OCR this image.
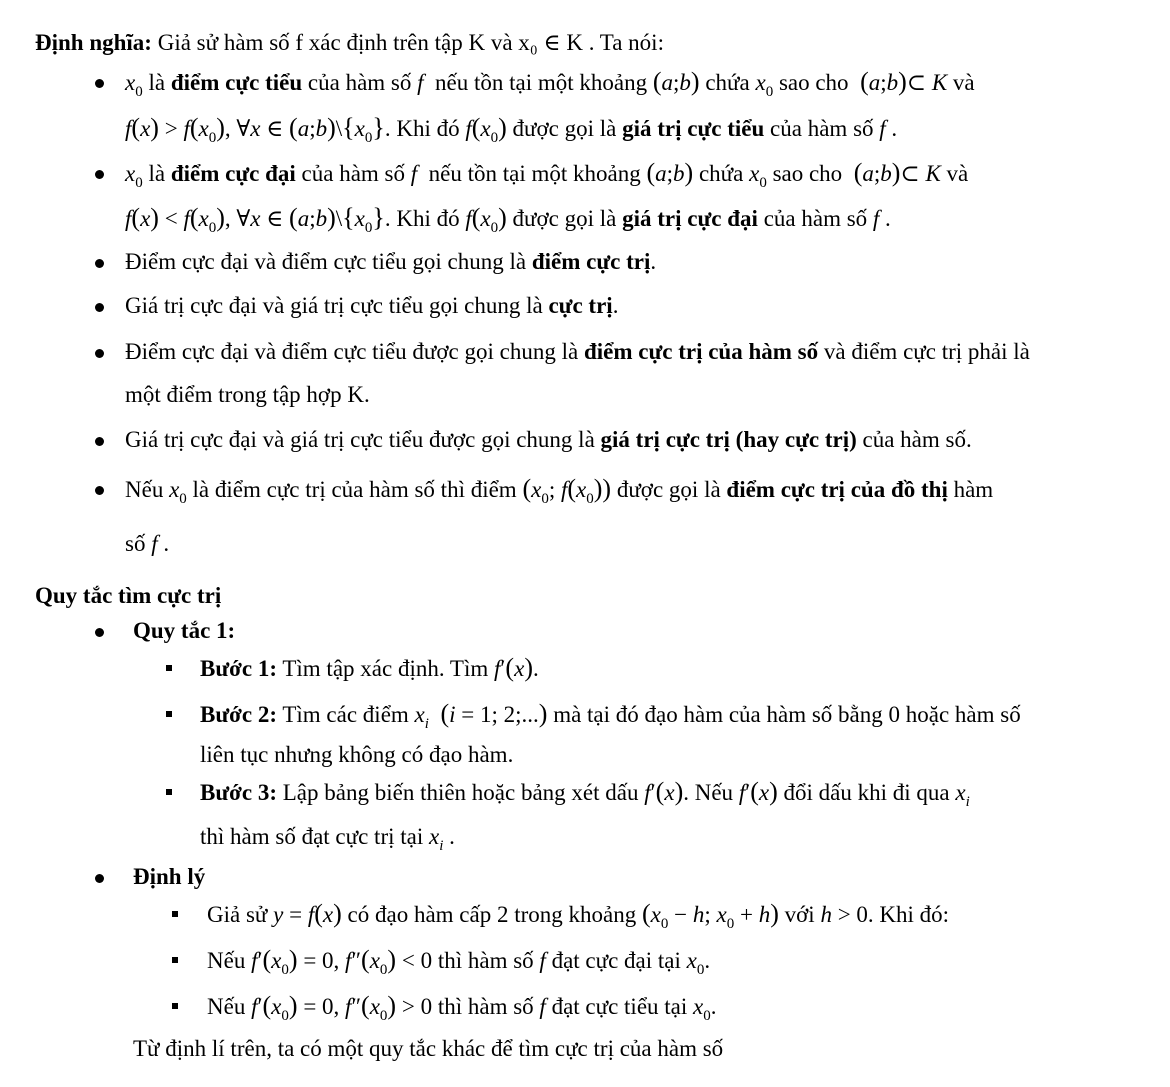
Định nghĩa: Giả sử hàm số f xác định trên tập K và x₀ ∈ K . Ta nói:
$x_0$ là điểm cực tiểu của hàm số f nếu tồn tại một khoảng (a;b) chứa $x_0$ sao cho (a;b)⊂ K và
$f(x) > f(x_0)$, ∀x ∈ $(a;b)\backslash\{x_0\}$. Khi đó $f(x_0)$ được gọi là giá trị cực tiểu của hàm số f .
$x_0$ là điểm cực đại của hàm số f nếu tồn tại một khoảng (a;b) chứa $x_0$ sao cho (a;b)⊂ K và
$f(x) < f(x_0)$, ∀x ∈ $(a;b)\backslash\{x_0\}$. Khi đó $f(x_0)$ được gọi là giá trị cực đại của hàm số f .
Điểm cực đại và điểm cực tiểu gọi chung là điểm cực trị.
Giá trị cực đại và giá trị cực tiểu gọi chung là cực trị.
Điểm cực đại và điểm cực tiểu được gọi chung là điểm cực trị của hàm số và điểm cực trị phải là
một điểm trong tập hợp K.
Giá trị cực đại và giá trị cực tiểu được gọi chung là giá trị cực trị (hay cực trị) của hàm số.
Nếu $x_0$ là điểm cực trị của hàm số thì điểm ($x_0$; $f(x_0)$) được gọi là điểm cực trị của đồ thị hàm
số f .
Quy tắc tìm cực trị
Quy tắc 1:
Bước 1: Tìm tập xác định. Tìm f′(x).
Bước 2: Tìm các điểm $x_i$ (i = 1; 2;...) mà tại đó đạo hàm của hàm số bằng 0 hoặc hàm số
liên tục nhưng không có đạo hàm.
Bước 3: Lập bảng biến thiên hoặc bảng xét dấu f′(x). Nếu f′(x) đổi dấu khi đi qua $x_i$
thì hàm số đạt cực trị tại $x_i$ .
Định lý
Giả sử y = f(x) có đạo hàm cấp 2 trong khoảng ($x_0 - h$; $x_0 + h$) với h > 0. Khi đó:
Nếu $f'(x_0) = 0$, $f''(x_0) < 0$ thì hàm số f đạt cực đại tại $x_0$.
Nếu $f'(x_0) = 0$, $f''(x_0) > 0$ thì hàm số f đạt cực tiểu tại $x_0$.
Từ định lí trên, ta có một quy tắc khác để tìm cực trị của hàm số
